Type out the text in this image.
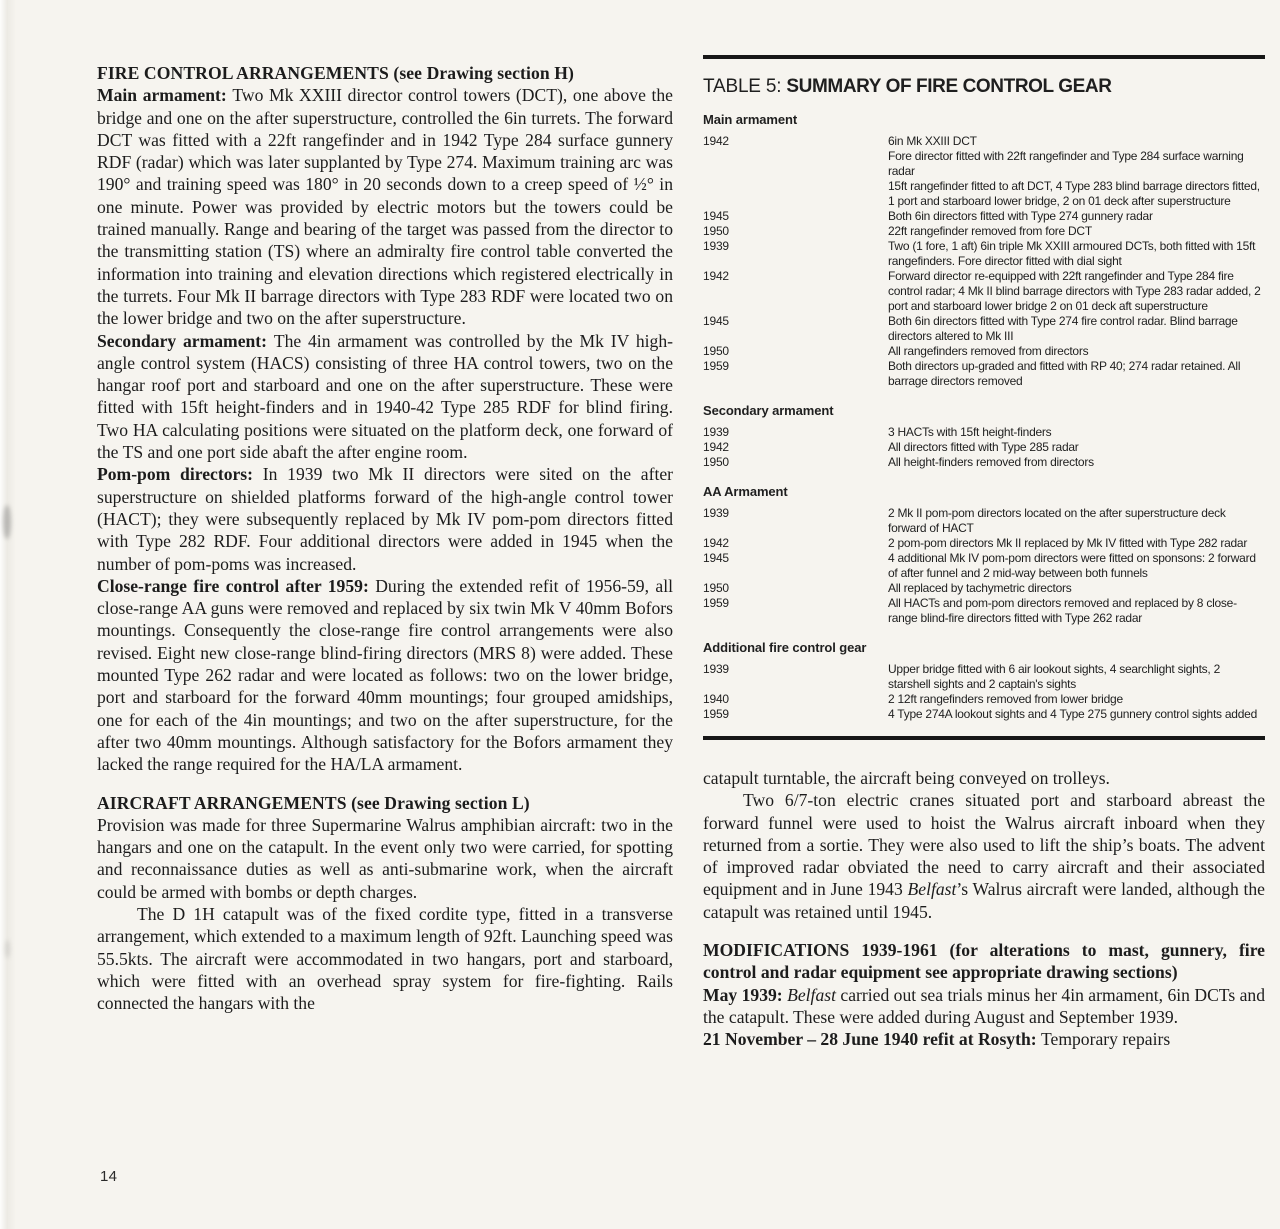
FIRE CONTROL ARRANGEMENTS (see Drawing section H)

Main armament: Two Mk XXIII director control towers (DCT), one above the bridge and one on the after superstructure, controlled the 6in turrets. The forward DCT was fitted with a 22ft rangefinder and in 1942 Type 284 surface gunnery RDF (radar) which was later supplanted by Type 274. Maximum training arc was 190° and training speed was 180° in 20 seconds down to a creep speed of ½° in one minute. Power was provided by electric motors but the towers could be trained manually. Range and bearing of the target was passed from the director to the transmitting station (TS) where an admiralty fire control table converted the information into training and elevation directions which registered electrically in the turrets. Four Mk II barrage directors with Type 283 RDF were located two on the lower bridge and two on the after superstructure.

Secondary armament: The 4in armament was controlled by the Mk IV high-angle control system (HACS) consisting of three HA control towers, two on the hangar roof port and starboard and one on the after superstructure. These were fitted with 15ft height-finders and in 1940-42 Type 285 RDF for blind firing. Two HA calculating positions were situated on the platform deck, one forward of the TS and one port side abaft the after engine room.

Pom-pom directors: In 1939 two Mk II directors were sited on the after superstructure on shielded platforms forward of the high-angle control tower (HACT); they were subsequently replaced by Mk IV pom-pom directors fitted with Type 282 RDF. Four additional directors were added in 1945 when the number of pom-poms was increased.

Close-range fire control after 1959: During the extended refit of 1956-59, all close-range AA guns were removed and replaced by six twin Mk V 40mm Bofors mountings. Consequently the close-range fire control arrangements were also revised. Eight new close-range blind-firing directors (MRS 8) were added. These mounted Type 262 radar and were located as follows: two on the lower bridge, port and starboard for the forward 40mm mountings; four grouped amidships, one for each of the 4in mountings; and two on the after superstructure, for the after two 40mm mountings. Although satisfactory for the Bofors armament they lacked the range required for the HA/LA armament.

AIRCRAFT ARRANGEMENTS (see Drawing section L)

Provision was made for three Supermarine Walrus amphibian aircraft: two in the hangars and one on the catapult. In the event only two were carried, for spotting and reconnaissance duties as well as anti-submarine work, when the aircraft could be armed with bombs or depth charges.

The D 1H catapult was of the fixed cordite type, fitted in a transverse arrangement, which extended to a maximum length of 92ft. Launching speed was 55.5kts. The aircraft were accommodated in two hangars, port and starboard, which were fitted with an overhead spray system for fire-fighting. Rails connected the hangars with the

TABLE 5: SUMMARY OF FIRE CONTROL GEAR
Main armament
1942	6in Mk XXIII DCT
Fore director fitted with 22ft rangefinder and Type 284 surface warning radar
15ft rangefinder fitted to aft DCT, 4 Type 283 blind barrage directors fitted, 1 port and starboard lower bridge, 2 on 01 deck after superstructure
1945	Both 6in directors fitted with Type 274 gunnery radar
1950	22ft rangefinder removed from fore DCT
1939	Two (1 fore, 1 aft) 6in triple Mk XXIII armoured DCTs, both fitted with 15ft rangefinders. Fore director fitted with dial sight
1942	Forward director re-equipped with 22ft rangefinder and Type 284 fire control radar; 4 Mk II blind barrage directors with Type 283 radar added, 2 port and starboard lower bridge 2 on 01 deck aft superstructure
1945	Both 6in directors fitted with Type 274 fire control radar. Blind barrage directors altered to Mk III
1950	All rangefinders removed from directors
1959	Both directors up-graded and fitted with RP 40; 274 radar retained. All barrage directors removed
Secondary armament
1939	3 HACTs with 15ft height-finders
1942	All directors fitted with Type 285 radar
1950	All height-finders removed from directors
AA Armament
1939	2 Mk II pom-pom directors located on the after superstructure deck forward of HACT
1942	2 pom-pom directors Mk II replaced by Mk IV fitted with Type 282 radar
1945	4 additional Mk IV pom-pom directors were fitted on sponsons: 2 forward of after funnel and 2 mid-way between both funnels
1950	All replaced by tachymetric directors
1959	All HACTs and pom-pom directors removed and replaced by 8 close-range blind-fire directors fitted with Type 262 radar
Additional fire control gear
1939	Upper bridge fitted with 6 air lookout sights, 4 searchlight sights, 2 starshell sights and 2 captain's sights
1940	2 12ft rangefinders removed from lower bridge
1959	4 Type 274A lookout sights and 4 Type 275 gunnery control sights added

catapult turntable, the aircraft being conveyed on trolleys.

Two 6/7-ton electric cranes situated port and starboard abreast the forward funnel were used to hoist the Walrus aircraft inboard when they returned from a sortie. They were also used to lift the ship’s boats. The advent of improved radar obviated the need to carry aircraft and their associated equipment and in June 1943 Belfast’s Walrus aircraft were landed, although the catapult was retained until 1945.

MODIFICATIONS 1939-1961 (for alterations to mast, gunnery, fire control and radar equipment see appropriate drawing sections)

May 1939: Belfast carried out sea trials minus her 4in armament, 6in DCTs and the catapult. These were added during August and September 1939.

21 November – 28 June 1940 refit at Rosyth: Temporary repairs

14
